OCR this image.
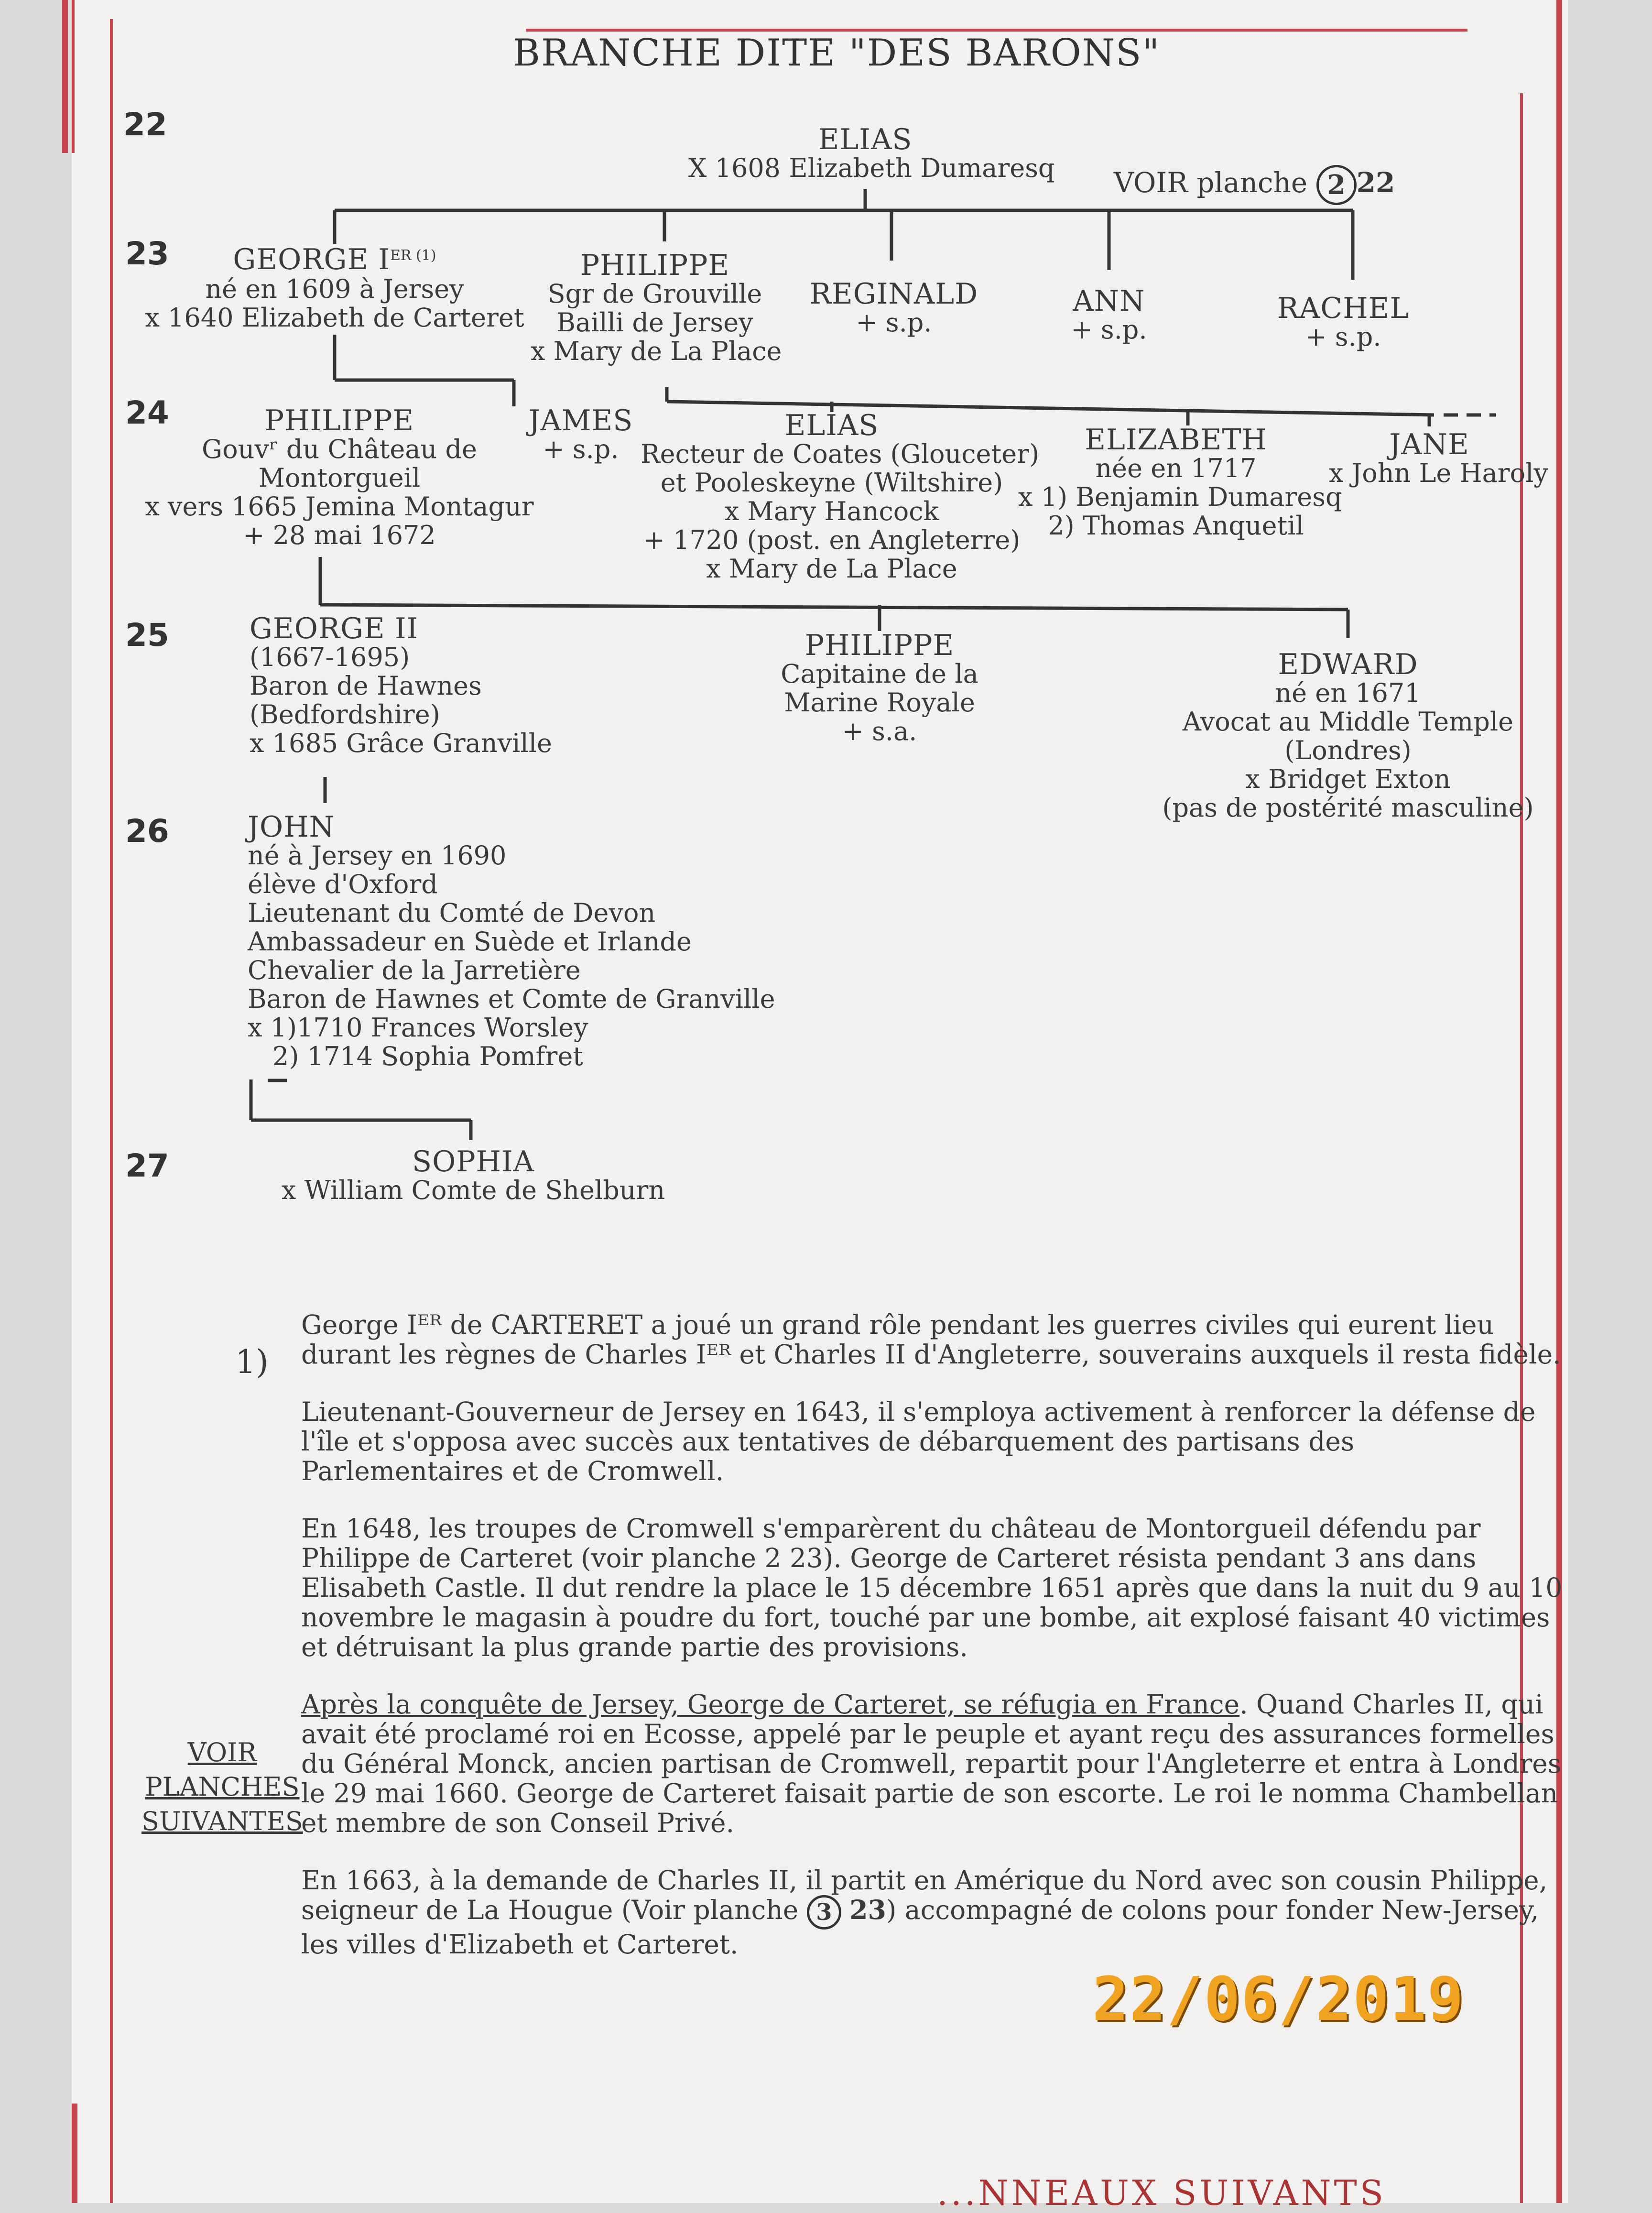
BRANCHE DITE "DES BARONS"
22
23
24
25
26
27
VOIR planche 2 22
ELIAS
X 1608 Elizabeth Dumaresq
GEORGE $I^{ER (1)}$
né en 1609 à Jersey
x 1640 Elizabeth de Carteret
PHILIPPE
Sgr de Grouville
Bailli de Jersey
x Mary de La Place
REGINALD
+ s.p.
ANN
+ s.p.
RACHEL
+ s.p.
PHILIPPE
Gouvʳ du Château de
Montorgueil
x vers 1665 Jemina Montagur
+ 28 mai 1672
JAMES
+ s.p.
ELIAS
Recteur de Coates (Glouceter)
et Pooleskeyne (Wiltshire)
x Mary Hancock
+ 1720 (post. en Angleterre)
x Mary de La Place
ELIZABETH
née en 1717
x 1) Benjamin Dumaresq
2) Thomas Anquetil
JANE
x John Le Haroly
GEORGE II
(1667-1695)
Baron de Hawnes
(Bedfordshire)
x 1685 Grâce Granville
PHILIPPE
Capitaine de la
Marine Royale
+ s.a.
EDWARD
né en 1671
Avocat au Middle Temple
(Londres)
x Bridget Exton
(pas de postérité masculine)
JOHN
né à Jersey en 1690
élève d'Oxford
Lieutenant du Comté de Devon
Ambassadeur en Suède et Irlande
Chevalier de la Jarretière
Baron de Hawnes et Comte de Granville
x 1)1710 Frances Worsley
2) 1714 Sophia Pomfret
SOPHIA
x William Comte de Shelburn
1)

George Iᴱᴿ de CARTERET a joué un grand rôle pendant les guerres civiles qui eurent lieu durant les règnes de Charles Iᴱᴿ et Charles II d'Angleterre, souverains auxquels il resta fidèle.

Lieutenant-Gouverneur de Jersey en 1643, il s'employa activement à renforcer la défense de l'île et s'opposa avec succès aux tentatives de débarquement des partisans des Parlementaires et de Cromwell.

En 1648, les troupes de Cromwell s'emparèrent du château de Montorgueil défendu par Philippe de Carteret (voir planche 2 23). George de Carteret résista pendant 3 ans dans Elisabeth Castle. Il dut rendre la place le 15 décembre 1651 après que dans la nuit du 9 au 10 novembre le magasin à poudre du fort, touché par une bombe, ait explosé faisant 40 victimes et détruisant la plus grande partie des provisions.

Après la conquête de Jersey, George de Carteret, se réfugia en France. Quand Charles II, qui avait été proclamé roi en Ecosse, appelé par le peuple et ayant reçu des assurances formelles du Général Monck, ancien partisan de Cromwell, repartit pour l'Angleterre et entra à Londres le 29 mai 1660. George de Carteret faisait partie de son escorte. Le roi le nomma Chambellan et membre de son Conseil Privé.

En 1663, à la demande de Charles II, il partit en Amérique du Nord avec son cousin Philippe, seigneur de La Hougue (Voir planche 3 23) accompagné de colons pour fonder New-Jersey, les villes d'Elizabeth et Carteret.

VOIR
PLANCHES
SUIVANTES
22/06/2019
...NNEAUX SUIVANTS
